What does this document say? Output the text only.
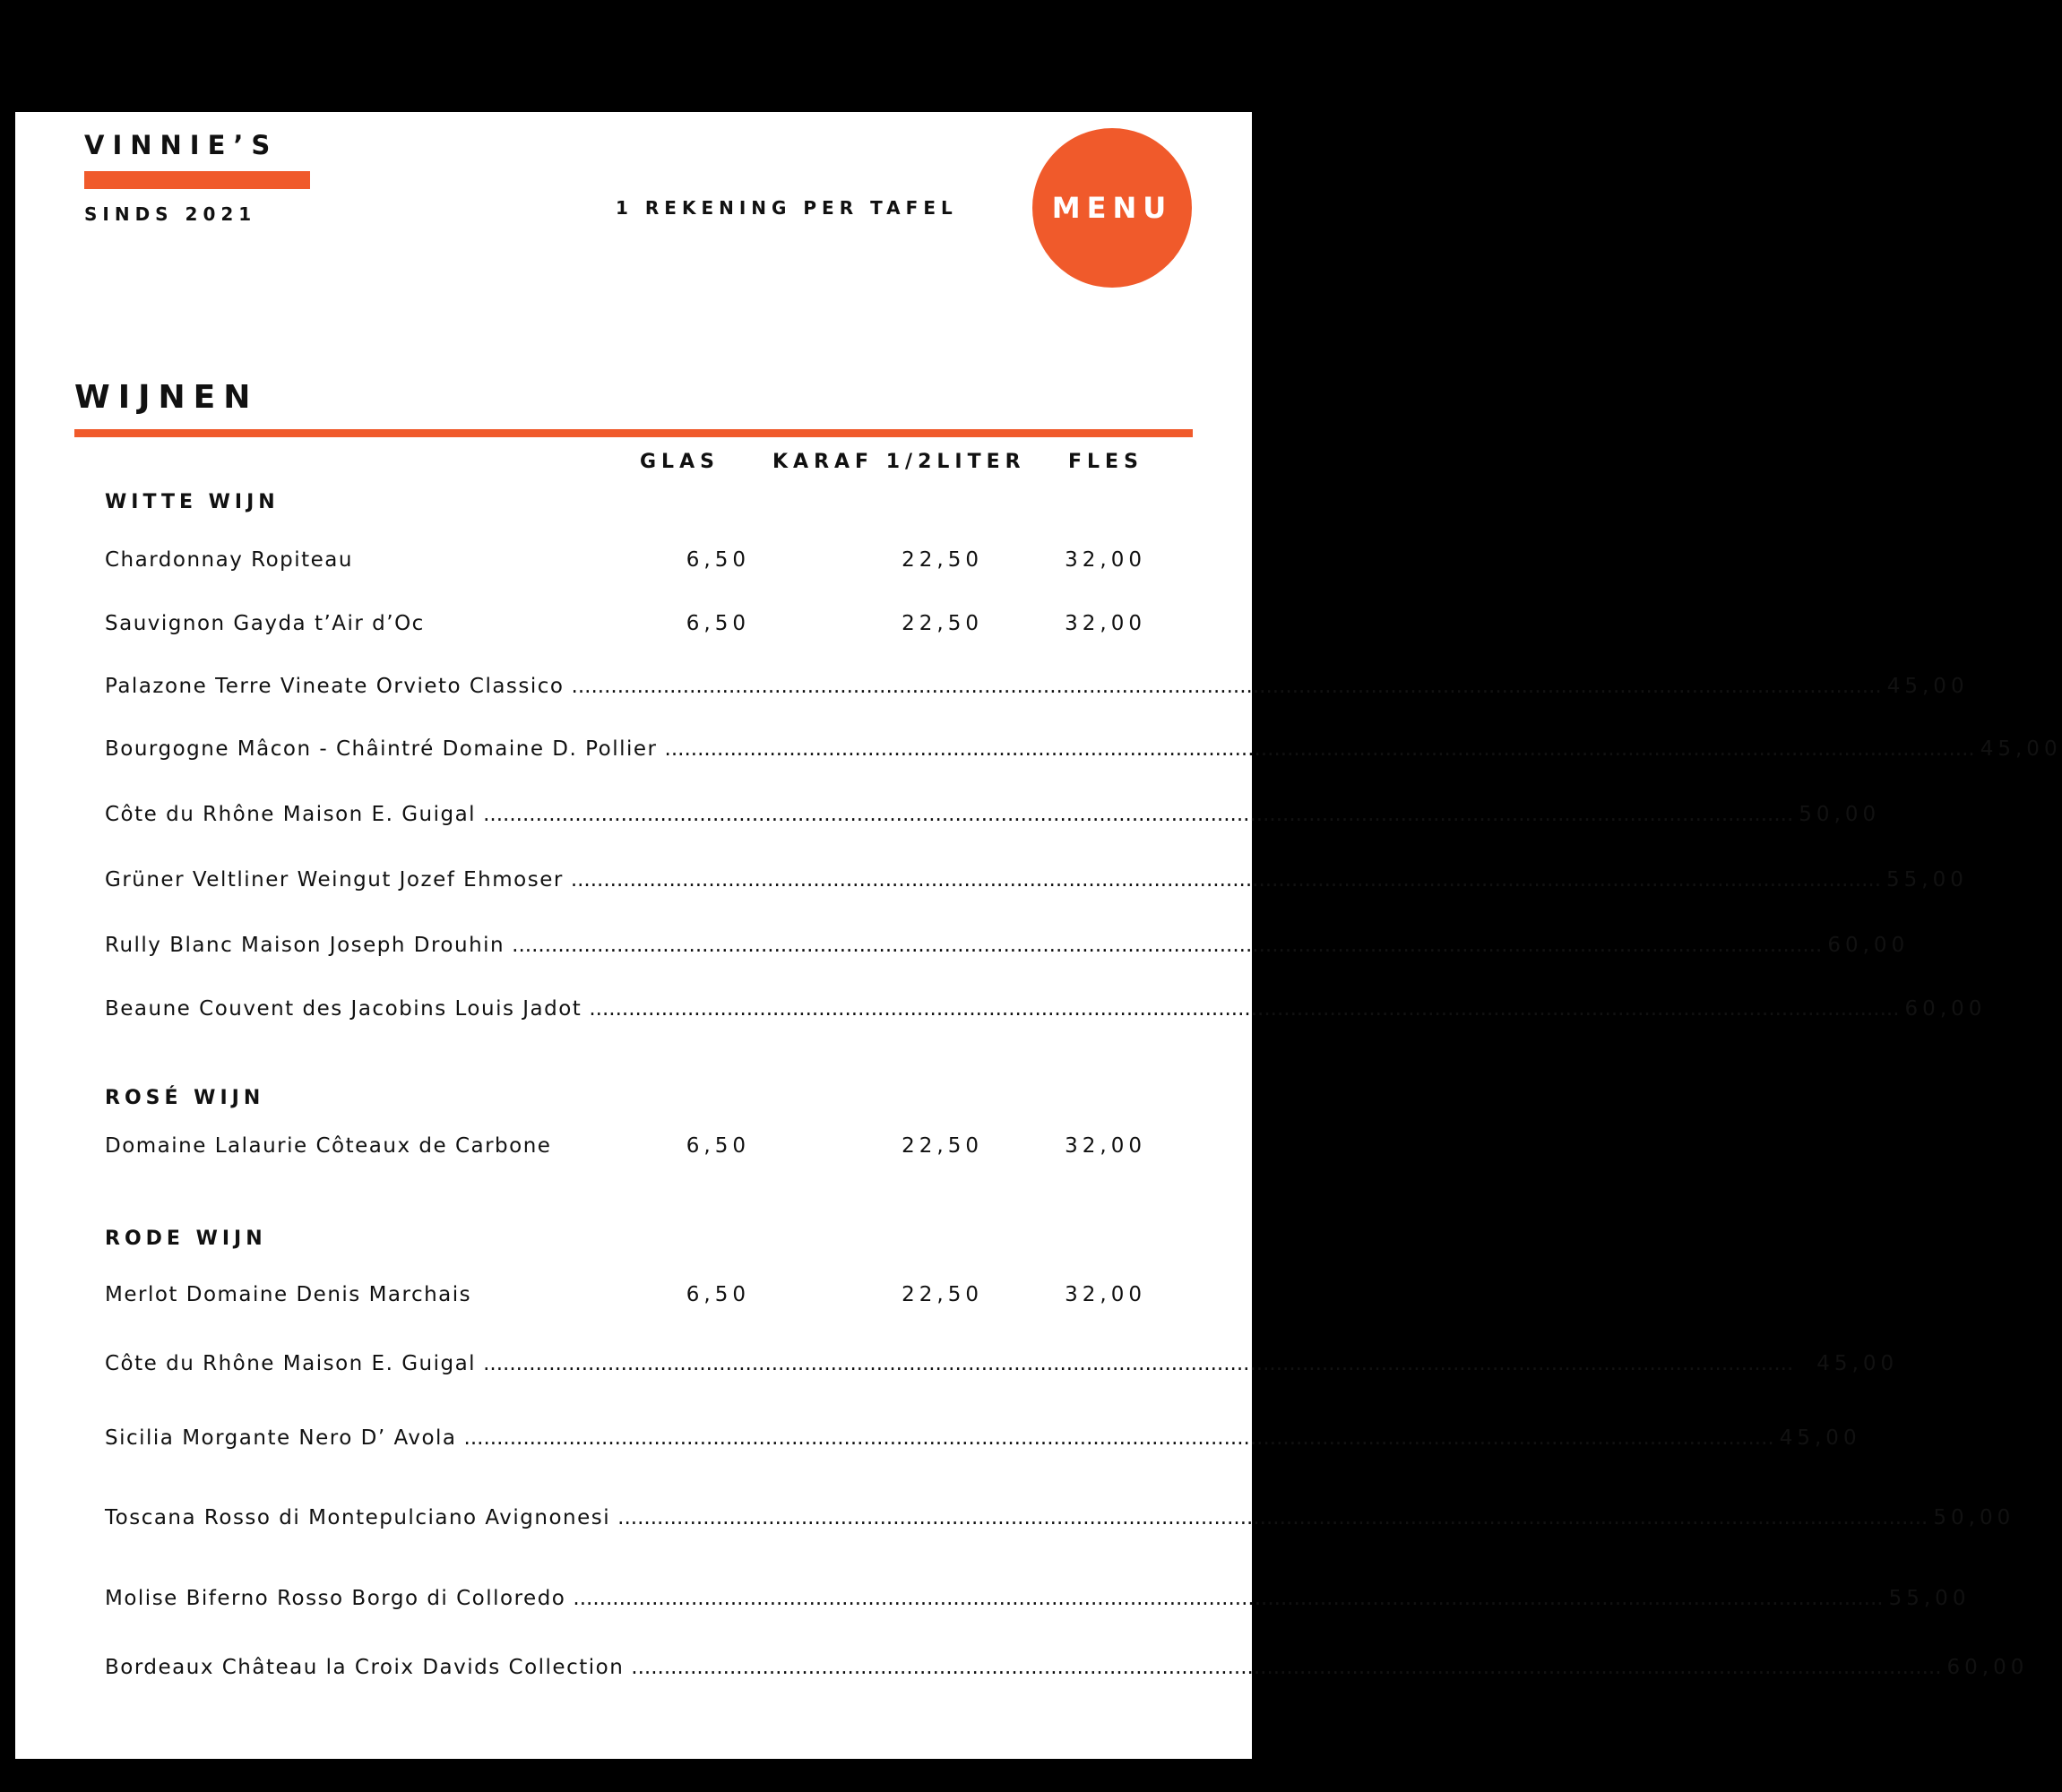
VINNIE’S
SINDS 2021	1 REKENING PER TAFEL	MENU
WIJNEN
GLAS	KARAF 1/2LITER FLES
WITTE WIJN
Chardonnay Ropiteau	6,50	22,50	32,00
Sauvignon Gayda t’Air d’Oc	6,50	22,50	32,00
Palazone Terre Vineate Orvieto Classico ........................................................................................................................................................................................................ 45,00
Bourgogne Mâcon - Châintré Domaine D. Pollier ........................................................................................................................................................................................................ 45,00
Côte du Rhône Maison E. Guigal ........................................................................................................................................................................................................ 50,00
Grüner Veltliner Weingut Jozef Ehmoser ........................................................................................................................................................................................................ 55,00
Rully Blanc Maison Joseph Drouhin ........................................................................................................................................................................................................ 60,00
Beaune Couvent des Jacobins Louis Jadot ........................................................................................................................................................................................................ 60,00
ROSÉ WIJN
Domaine Lalaurie Côteaux de Carbone	6,50	22,50	32,00
RODE WIJN
Merlot Domaine Denis Marchais	6,50	22,50	32,00
Côte du Rhône Maison E. Guigal ........................................................................................................................................................................................................ 45,00
Sicilia Morgante Nero D’ Avola ........................................................................................................................................................................................................ 45,00
Toscana Rosso di Montepulciano Avignonesi ........................................................................................................................................................................................................ 50,00
Molise Biferno Rosso Borgo di Colloredo ........................................................................................................................................................................................................ 55,00
Bordeaux Château la Croix Davids Collection ........................................................................................................................................................................................................ 60,00
